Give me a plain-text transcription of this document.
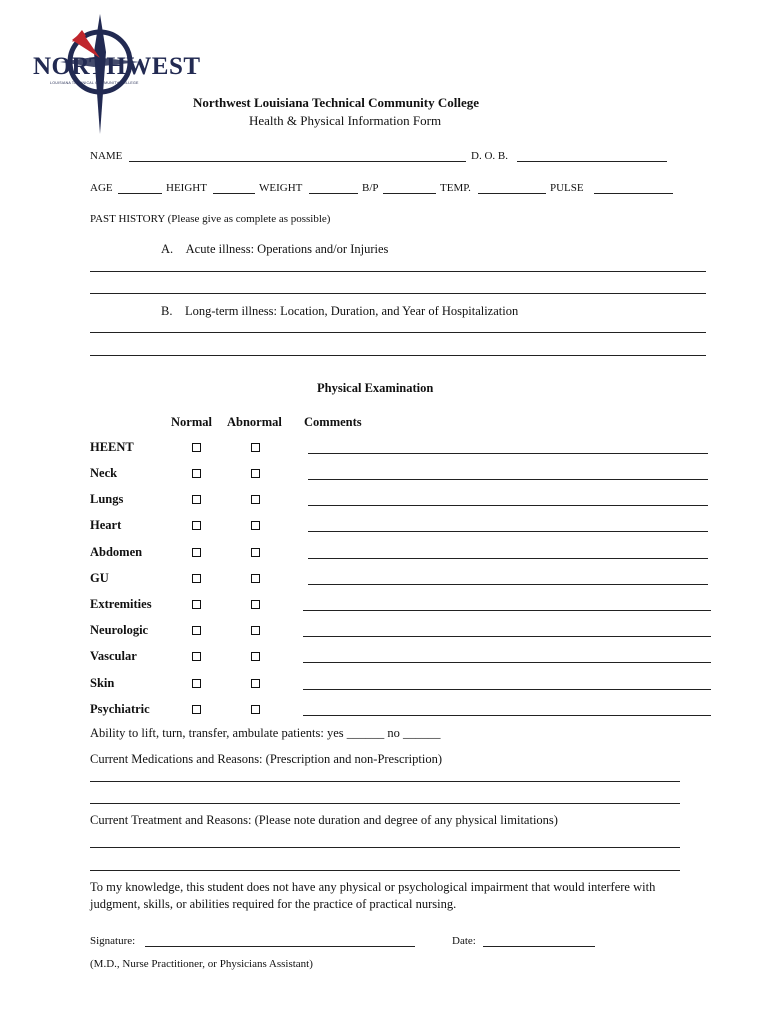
NORTHWEST
LOUISIANA TECHNICAL COMMUNITY COLLEGE
Northwest Louisiana Technical Community College
Health & Physical Information Form
NAME	D. O. B.
AGE	HEIGHT	WEIGHT	B/P	TEMP.	PULSE
PAST HISTORY (Please give as complete as possible)
A. Acute illness: Operations and/or Injuries
B. Long-term illness: Location, Duration, and Year of Hospitalization
Physical Examination
Normal Abnormal Comments
HEENT
Neck
Lungs
Heart
Abdomen
GU
Extremities
Neurologic
Vascular
Skin
Psychiatric
Ability to lift, turn, transfer, ambulate patients: yes ______ no ______
Current Medications and Reasons: (Prescription and non-Prescription)
Current Treatment and Reasons: (Please note duration and degree of any physical limitations)
To my knowledge, this student does not have any physical or psychological impairment that would interfere with
judgment, skills, or abilities required for the practice of practical nursing.
Signature:	Date:
(M.D., Nurse Practitioner, or Physicians Assistant)
